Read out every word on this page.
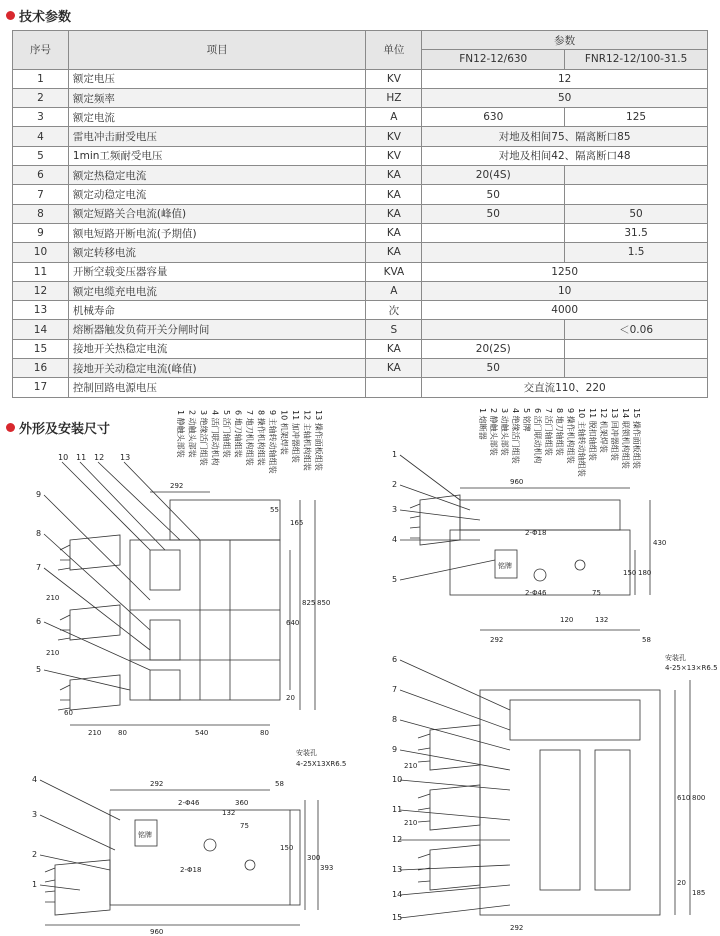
技术参数
序号	项目	单位	参数	
			FN12-12/630	FNR12-12/100-31.5
1	额定电压	KV	12	
2	额定频率	HZ	50	
3	额定电流	A	630	125
4	雷电冲击耐受电压	KV	对地及相间75、隔离断口85	
5	1min工频耐受电压	KV	对地及相间42、隔离断口48	
6	额定热稳定电流	KA	20(4S)	
7	额定动稳定电流	KA	50	
8	额定短路关合电流(峰值)	KA	50	50
9	额电短路开断电流(予期值)	KA		31.5
10	额定转移电流	KA		1.5
11	开断空载变压器容量	KVA	1250	
12	额定电缆充电电流	A	10	
13	机械寿命	次	4000	
14	熔断器触发负荷开关分闸时间	S		＜0.06
15	接地开关热稳定电流	KA	20(2S)	
16	接地开关动稳定电流(峰值)	KA	50	
17	控制回路电源电压		交直流110、220	
外形及安装尺寸	1 静触头部装 2 动触头部装 3 绝缘活门组装 4 活门联动机构 5 活门轴组装 6 地刀轴组装 7 地刀机构组装 8 操作机构组装 9 主轴转动轴组装 10 机架焊装 11 加冲器组装 12 主轴机构组装 13 操作面板组装
292
55
165
825 850
640
20
210
210
60
210 80	540	80
安装孔
4-25X13XR6.5
10 11 12 13
9
8
7
6
5
1 熔断器 2 静触头部装 3 动触头部装 4 绝缘活门组装 5 铭牌 6 活门联动机构 7 活门轴组装 8 地刀轴组装 9 操作机构组装 10 主轴转动轴组装 11 脱扣轴组装 12 机架焊装 13 回冲器组装 14 联锁机构组装 15 操作面板组装
铭牌
960
2-Φ18
2-Φ46
120	132
75
150 180
430
292	58
1
2
3
4
5
铭牌
292
2-Φ46	360
58
132
75
150
2-Φ18
300
393
960
4
3
2
1
210
210
610 800
20
185
292
安装孔
4-25×13×R6.5
6
7
8
9
10
11
12
13
14
15
